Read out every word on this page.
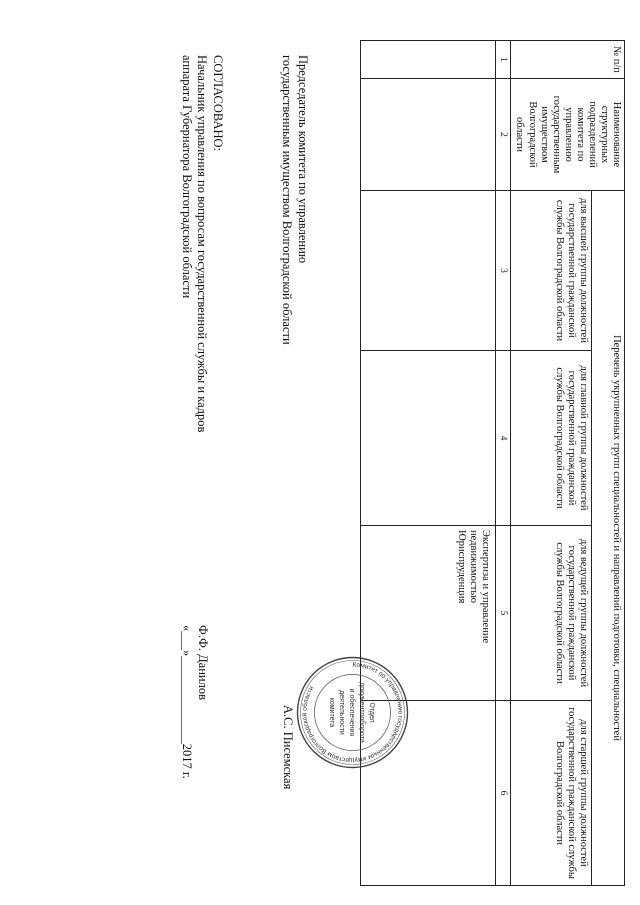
№ п/п	Наименование структурных подразделений комитета по управлению государственным имуществом Волгоградской области	Перечень укрупненных групп специальностей и направлений подготовки, специальностей			
		для высшей группы должностей государственной гражданской службы Волгоградской области	для главной группы должностей государственной гражданской службы Волгоградской области	для ведущей группы должностей государственной гражданской службы Волгоградской области	для старшей группы должностей государственной гражданской службы Волгоградской области
1	2	3	4	5	6
				Экспертиза и управление недвижимостью
Юриспруденция	
Комитет по управлению государственным имуществом Волгоградской области
Отдел
документооборота
и обеспечения
деятельности
комитета
Председатель комитета по управлению
государственным имуществом Волгоградской области
А.С. Писемская
СОГЛАСОВАНО:
Начальник управления по вопросам государственной службы и кадров
аппарата Губернатора Волгоградской области
Ф.Ф. Данилов
«___»______________2017 г.
